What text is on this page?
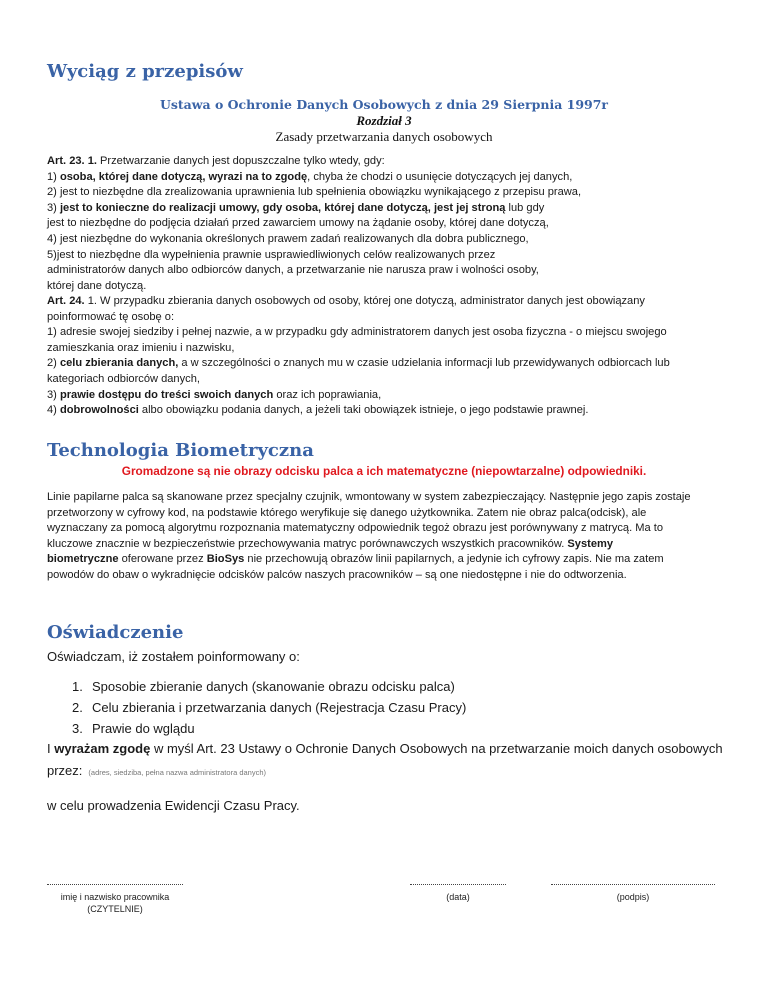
Wyciąg z przepisów

Ustawa o Ochronie Danych Osobowych z dnia 29 Sierpnia 1997r

Rozdział 3

Zasady przetwarzania danych osobowych

Art. 23. 1. Przetwarzanie danych jest dopuszczalne tylko wtedy, gdy:
1) osoba, której dane dotyczą, wyrazi na to zgodę, chyba że chodzi o usunięcie dotyczących jej danych,
2) jest to niezbędne dla zrealizowania uprawnienia lub spełnienia obowiązku wynikającego z przepisu prawa,
3) jest to konieczne do realizacji umowy, gdy osoba, której dane dotyczą, jest jej stroną lub gdy
jest to niezbędne do podjęcia działań przed zawarciem umowy na żądanie osoby, której dane dotyczą,
4) jest niezbędne do wykonania określonych prawem zadań realizowanych dla dobra publicznego,
5)jest to niezbędne dla wypełnienia prawnie usprawiedliwionych celów realizowanych przez
administratorów danych albo odbiorców danych, a przetwarzanie nie narusza praw i wolności osoby,
której dane dotyczą.
Art. 24. 1. W przypadku zbierania danych osobowych od osoby, której one dotyczą, administrator danych jest obowiązany
poinformować tę osobę o:
1) adresie swojej siedziby i pełnej nazwie, a w przypadku gdy administratorem danych jest osoba fizyczna - o miejscu swojego
zamieszkania oraz imieniu i nazwisku,
2) celu zbierania danych, a w szczególności o znanych mu w czasie udzielania informacji lub przewidywanych odbiorcach lub
kategoriach odbiorców danych,
3) prawie dostępu do treści swoich danych oraz ich poprawiania,
4) dobrowolności albo obowiązku podania danych, a jeżeli taki obowiązek istnieje, o jego podstawie prawnej.
Technologia Biometryczna

Gromadzone są nie obrazy odcisku palca a ich matematyczne (niepowtarzalne) odpowiedniki.

Linie papilarne palca są skanowane przez specjalny czujnik, wmontowany w system zabezpieczający. Następnie jego zapis zostaje
przetworzony w cyfrowy kod, na podstawie którego weryfikuje się danego użytkownika. Zatem nie obraz palca(odcisk), ale
wyznaczany za pomocą algorytmu rozpoznania matematyczny odpowiednik tegoż obrazu jest porównywany z matrycą. Ma to
kluczowe znacznie w bezpieczeństwie przechowywania matryc porównawczych wszystkich pracowników. Systemy
biometryczne oferowane przez BioSys nie przechowują obrazów linii papilarnych, a jedynie ich cyfrowy zapis. Nie ma zatem
powodów do obaw o wykradnięcie odcisków palców naszych pracowników – są one niedostępne i nie do odtworzenia.
Oświadczenie

Oświadczam, iż zostałem poinformowany o:

1. Sposobie zbieranie danych (skanowanie obrazu odcisku palca)
2. Celu zbierania i przetwarzania danych (Rejestracja Czasu Pracy)
3. Prawie do wglądu

I wyrażam zgodę w myśl Art. 23 Ustawy o Ochronie Danych Osobowych na przetwarzanie moich danych osobowych

przez: (adres, siedziba, pełna nazwa administratora danych)

w celu prowadzenia Ewidencji Czasu Pracy.

imię i nazwisko pracownika
(CZYTELNIE)
(data)	(podpis)
